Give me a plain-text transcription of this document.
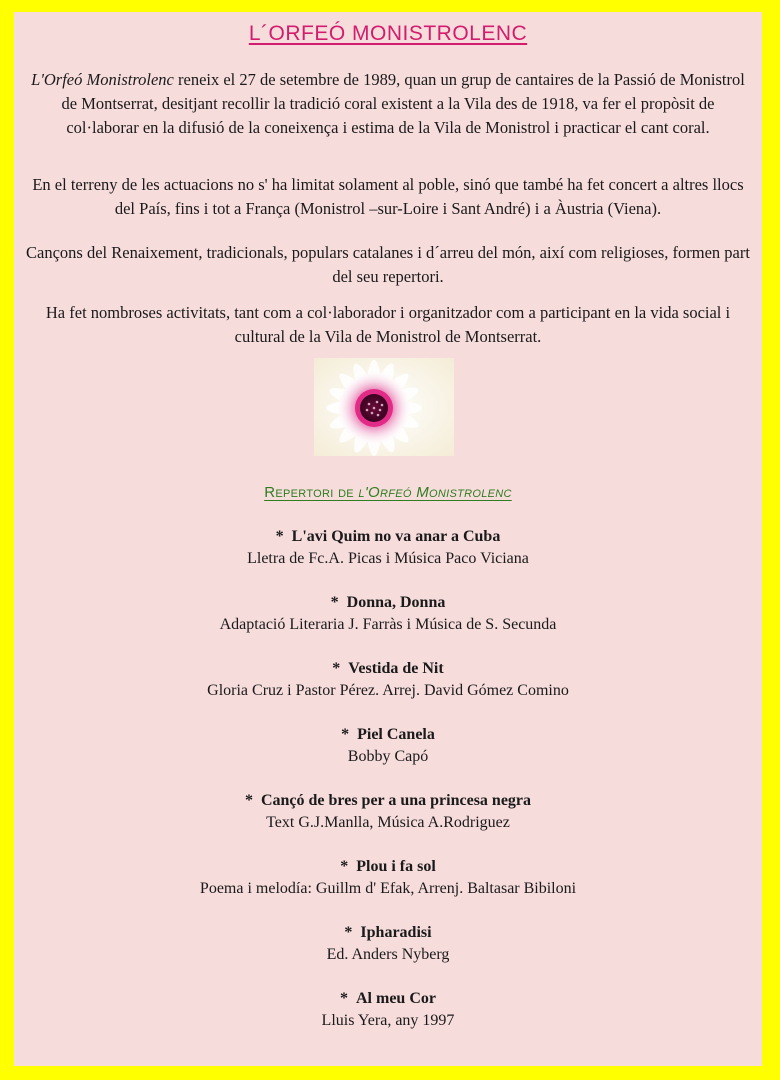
L´ORFEÓ MONISTROLENC
L'Orfeó Monistrolenc reneix el 27 de setembre de 1989, quan un grup de cantaires de la Passió de Monistrol de Montserrat, desitjant recollir la tradició coral existent a la Vila des de 1918, va fer el propòsit de col·laborar en la difusió de la coneixença i estima de la Vila de Monistrol i practicar el cant coral.
En el terreny de les actuacions no s' ha limitat solament al poble, sinó que també ha fet concert a altres llocs del País, fins i tot a França (Monistrol –sur-Loire i Sant André) i a Àustria (Viena).
Cançons del Renaixement, tradicionals, populars catalanes i d´arreu del món, així com religioses, formen part del seu repertori.
Ha fet nombroses activitats, tant com a col·laborador i organitzador com a participant en la vida social i cultural de la Vila de Monistrol de Montserrat.
Repertori de l'Orfeó Monistrolenc
* L'avi Quim no va anar a Cuba
Lletra de Fc.A. Picas i Música Paco Viciana
* Donna, Donna
Adaptació Literaria J. Farràs i Música de S. Secunda
* Vestida de Nit
Gloria Cruz i Pastor Pérez. Arrej. David Gómez Comino
* Piel Canela
Bobby Capó
* Cançó de bres per a una princesa negra
Text G.J.Manlla, Música A.Rodriguez
* Plou i fa sol
Poema i melodía: Guillm d' Efak, Arrenj. Baltasar Bibiloni
* Ipharadisi
Ed. Anders Nyberg
* Al meu Cor
Lluis Yera, any 1997
